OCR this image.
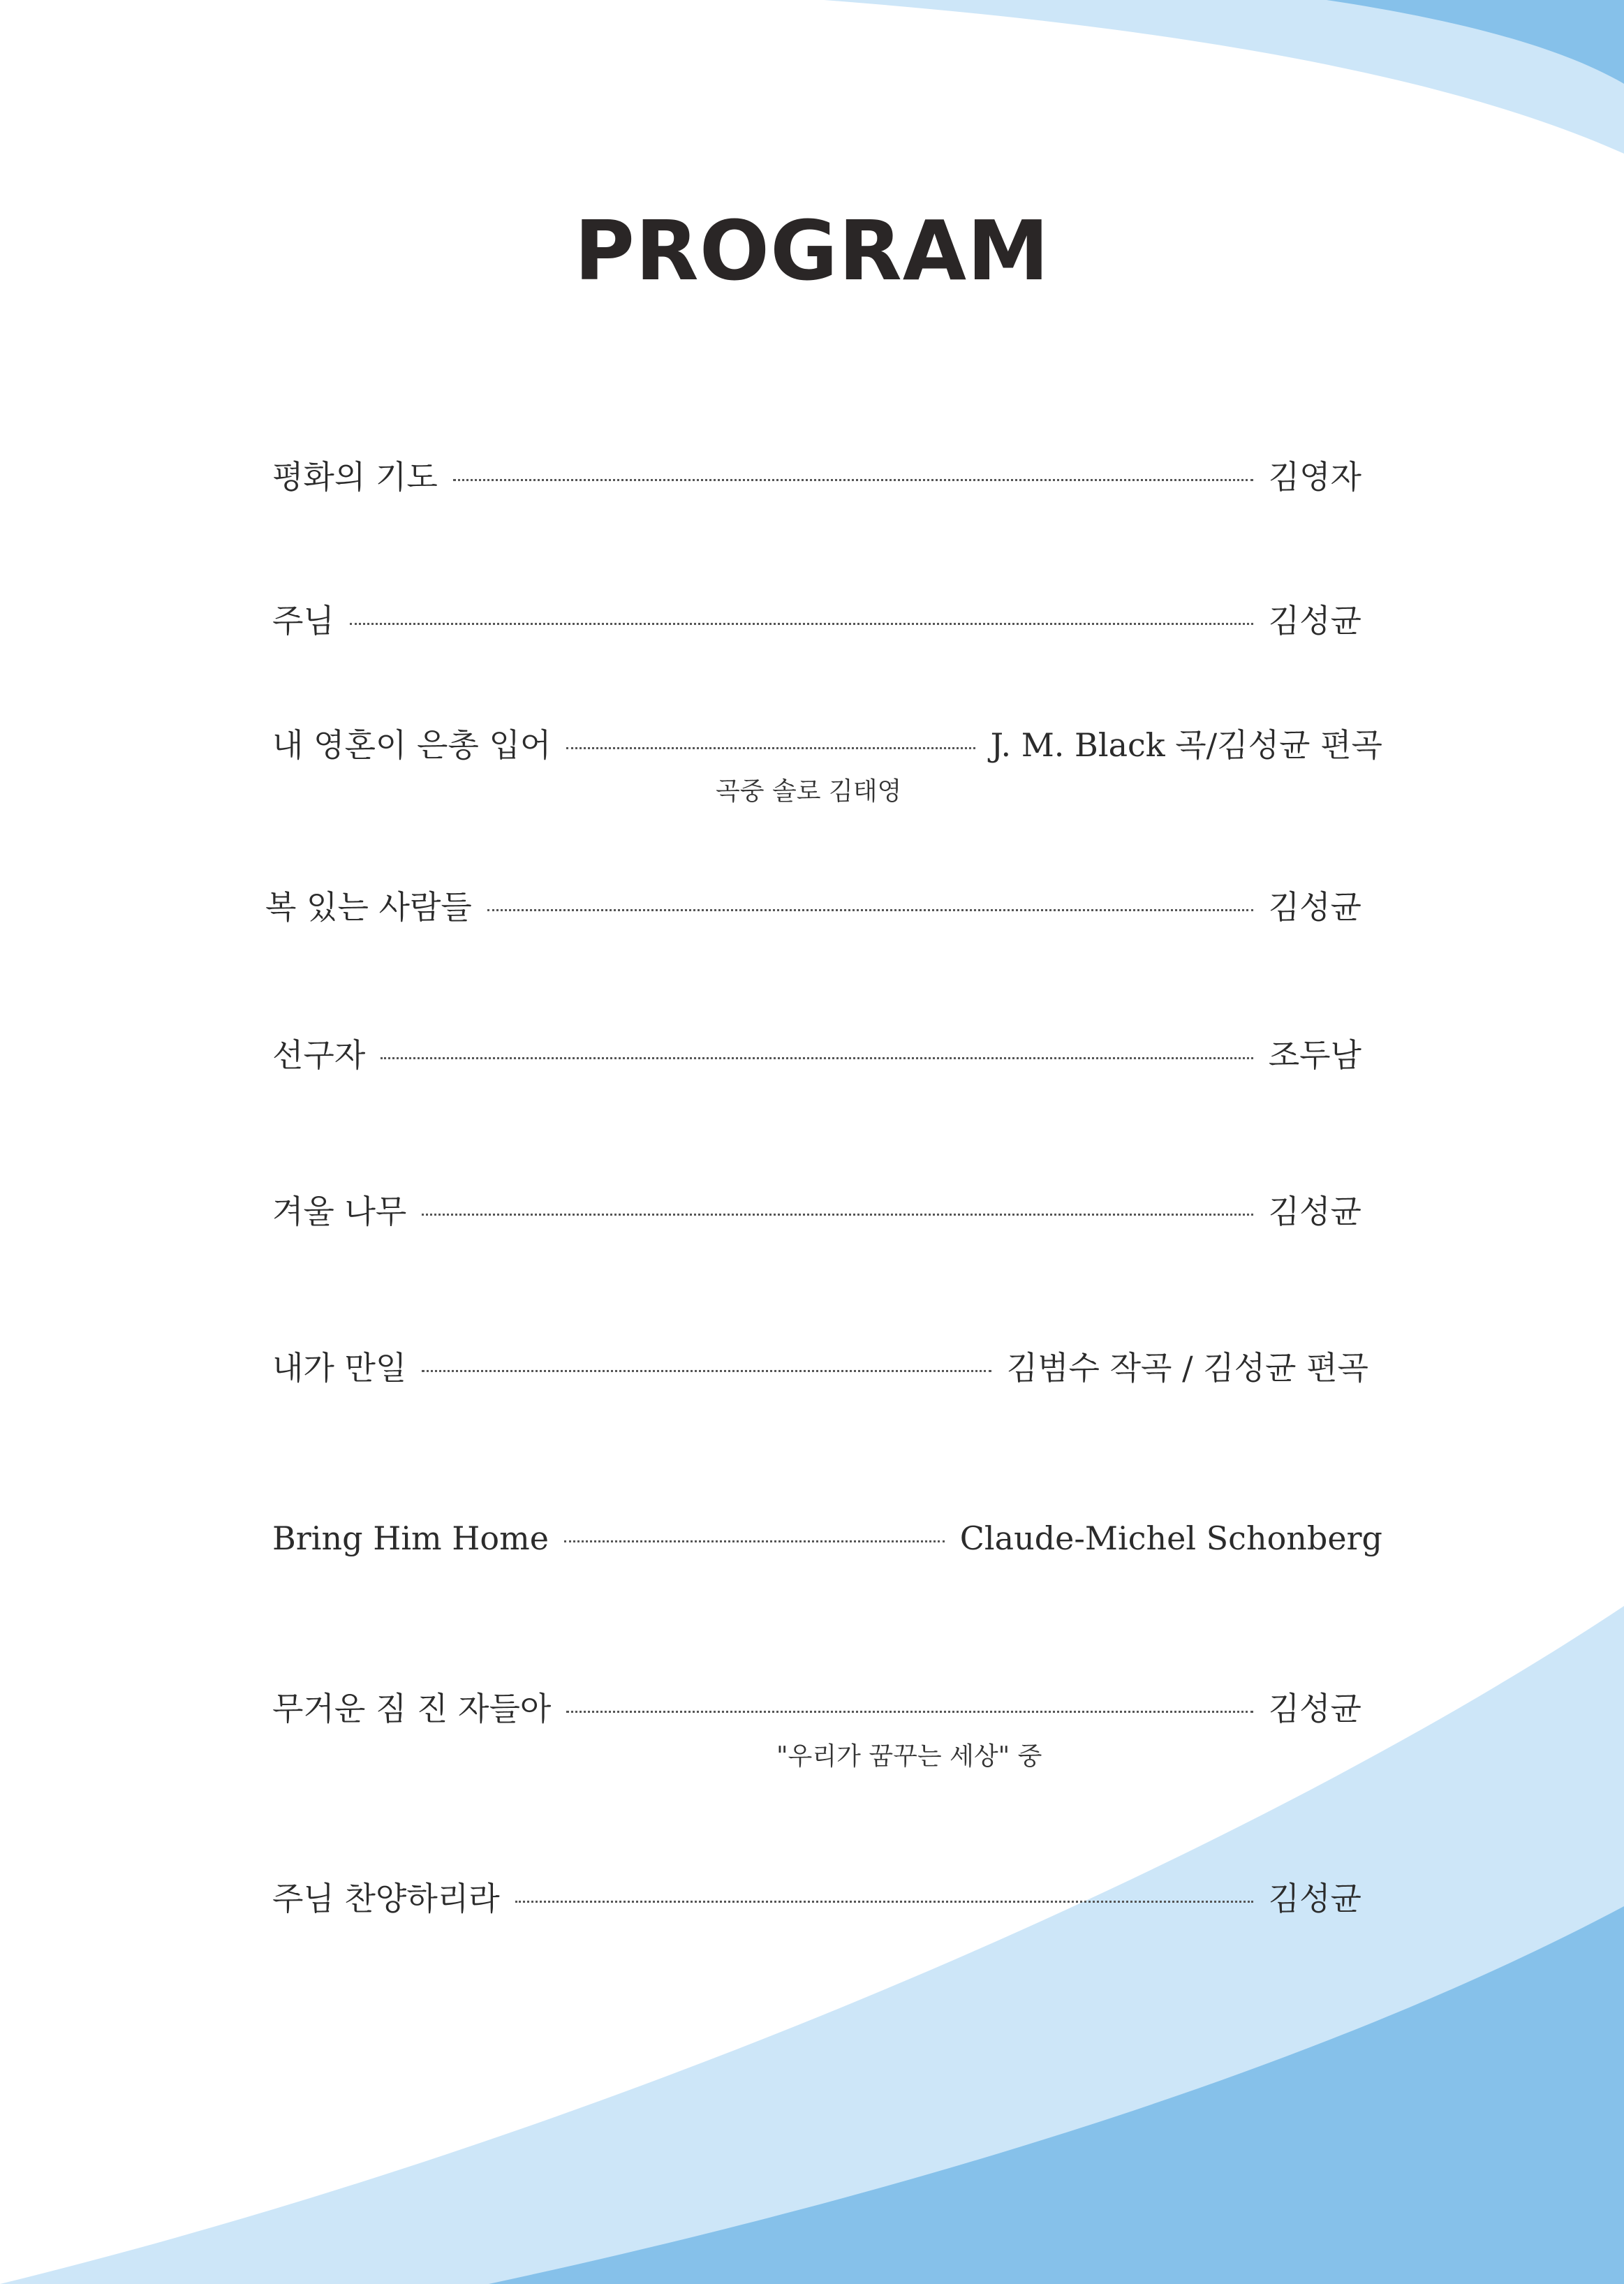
PROGRAM
평화의 기도	김영자
주님	김성균
내 영혼이 은총 입어	J. M. Black 곡/김성균 편곡
곡중 솔로 김태영
복 있는 사람들	김성균
선구자	조두남
겨울 나무	김성균
내가 만일	김범수 작곡 / 김성균 편곡
Bring Him Home	Claude-Michel Schonberg
무거운 짐 진 자들아	김성균
"우리가 꿈꾸는 세상" 중
주님 찬양하리라	김성균
